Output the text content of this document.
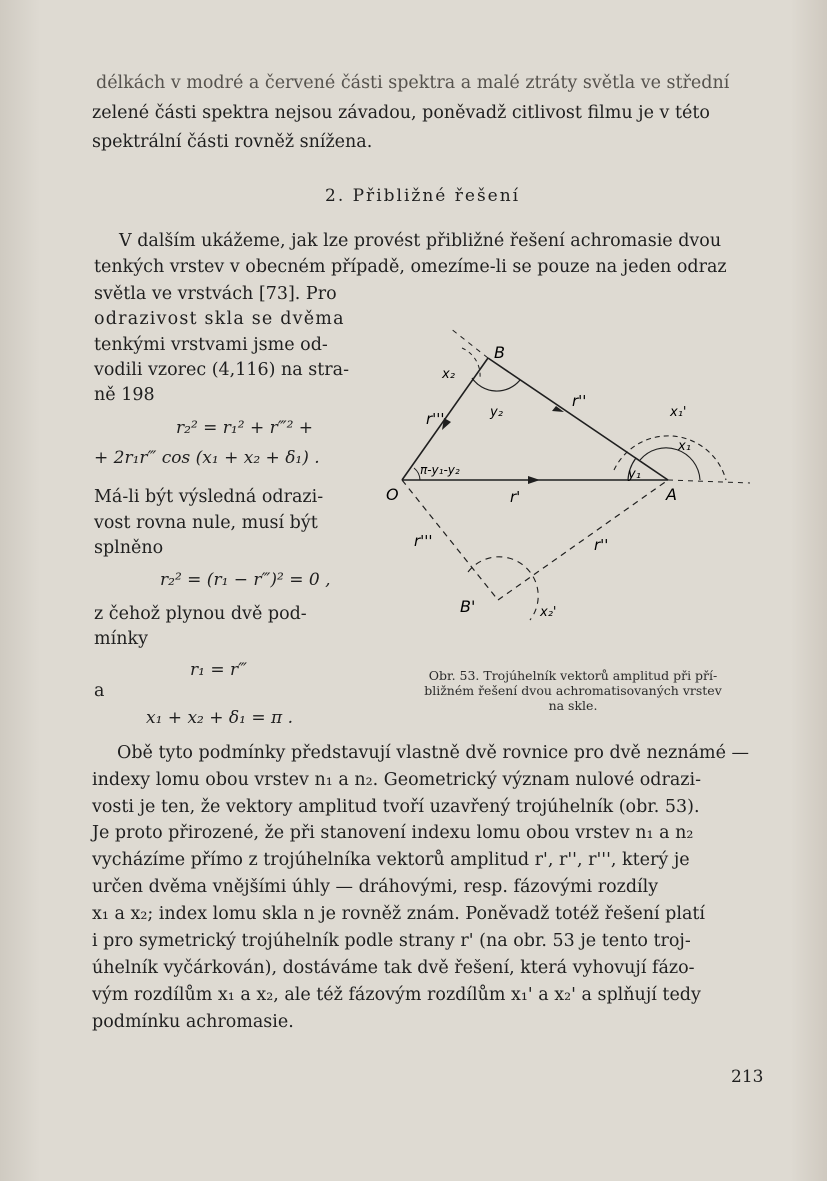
délkách v modré a červené části spektra a malé ztráty světla ve střední
zelené části spektra nejsou závadou, poněvadž citlivost filmu je v této
spektrální části rovněž snížena.
2. Přibližné řešení
V dalším ukážeme, jak lze provést přibližné řešení achromasie dvou
tenkých vrstev v obecném případě, omezíme-li se pouze na jeden odraz
světla ve vrstvách [73]. Pro
odrazivost skla se dvěma
tenkými vrstvami jsme od-
vodili vzorec (4,116) na stra-
ně 198
r₂² = r₁² + r‴² +
+ 2r₁r‴ cos (x₁ + x₂ + δ₁) .
Má-li být výsledná odrazi-
vost rovna nule, musí být
splněno
r₂² = (r₁ − r‴)² = 0 ,
z čehož plynou dvě pod-
mínky
r₁ = r‴
a
x₁ + x₂ + δ₁ = π .
B
O	A
B'
r'
r''
r'''
r''
r'''
x₂
y₂	x₁'
x₁
y₁
x₂'
π-y₁-y₂
Obr. 53. Trojúhelník vektorů amplitud při pří-
bližném řešení dvou achromatisovaných vrstev
na skle.
Obě tyto podmínky představují vlastně dvě rovnice pro dvě neznámé —
indexy lomu obou vrstev n₁ a n₂. Geometrický význam nulové odrazi-
vosti je ten, že vektory amplitud tvoří uzavřený trojúhelník (obr. 53).
Je proto přirozené, že při stanovení indexu lomu obou vrstev n₁ a n₂
vycházíme přímo z trojúhelníka vektorů amplitud r', r'', r''', který je
určen dvěma vnějšími úhly — dráhovými, resp. fázovými rozdíly
x₁ a x₂; index lomu skla n je rovněž znám. Poněvadž totéž řešení platí
i pro symetrický trojúhelník podle strany r' (na obr. 53 je tento troj-
úhelník vyčárkován), dostáváme tak dvě řešení, která vyhovují fázo-
vým rozdílům x₁ a x₂, ale též fázovým rozdílům x₁' a x₂' a splňují tedy
podmínku achromasie.
213
